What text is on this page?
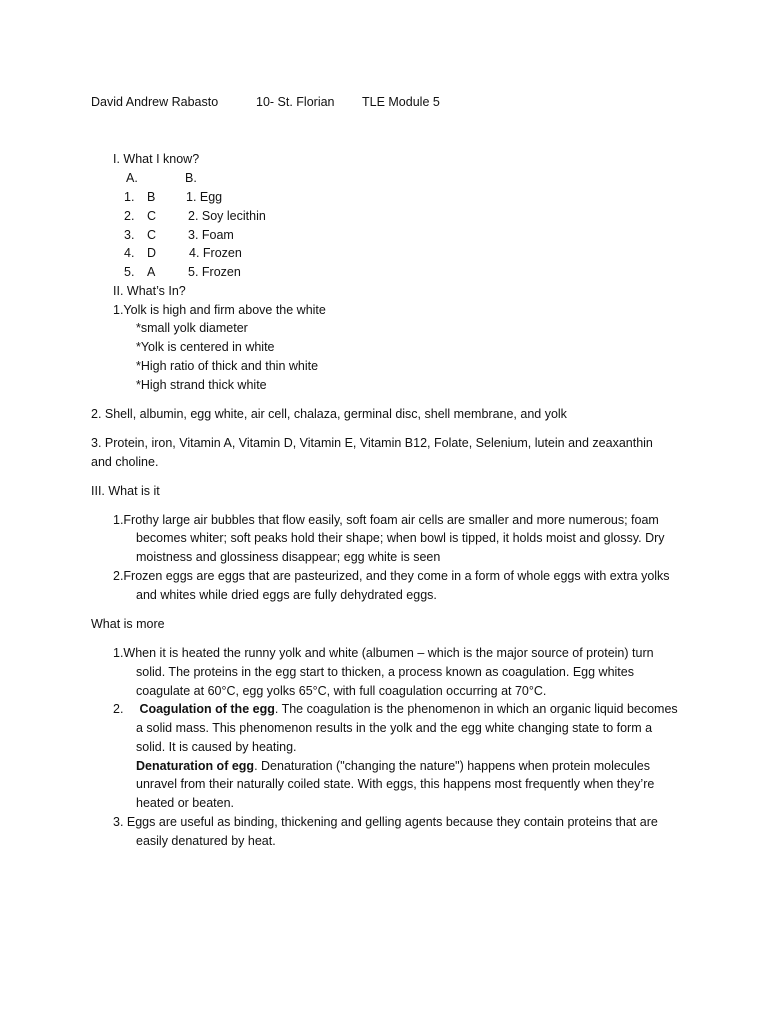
David Andrew Rabasto	10- St. Florian TLE Module 5
I. What I know?
A.	B.
1. B 1. Egg
2. C	2. Soy lecithin
3. C	3. Foam
4. D	4. Frozen
5. A	5. Frozen
II. What’s In?
1.Yolk is high and firm above the white
*small yolk diameter
*Yolk is centered in white
*High ratio of thick and thin white
*High strand thick white
2. Shell, albumin, egg white, air cell, chalaza, germinal disc, shell membrane, and yolk
3. Protein, iron, Vitamin A, Vitamin D, Vitamin E, Vitamin B12, Folate, Selenium, lutein and zeaxanthin
and choline.
III. What is it
1.Frothy large air bubbles that flow easily, soft foam air cells are smaller and more numerous; foam
becomes whiter; soft peaks hold their shape; when bowl is tipped, it holds moist and glossy. Dry
moistness and glossiness disappear; egg white is seen
2.Frozen eggs are eggs that are pasteurized, and they come in a form of whole eggs with extra yolks
and whites while dried eggs are fully dehydrated eggs.
What is more
1.When it is heated the runny yolk and white (albumen – which is the major source of protein) turn
solid. The proteins in the egg start to thicken, a process known as coagulation. Egg whites
coagulate at 60°C, egg yolks 65°C, with full coagulation occurring at 70°C.
2. Coagulation of the egg. The coagulation is the phenomenon in which an organic liquid becomes
a solid mass. This phenomenon results in the yolk and the egg white changing state to form a
solid. It is caused by heating.
Denaturation of egg. Denaturation ("changing the nature") happens when protein molecules
unravel from their naturally coiled state. With eggs, this happens most frequently when they’re
heated or beaten.
3. Eggs are useful as binding, thickening and gelling agents because they contain proteins that are
easily denatured by heat.
